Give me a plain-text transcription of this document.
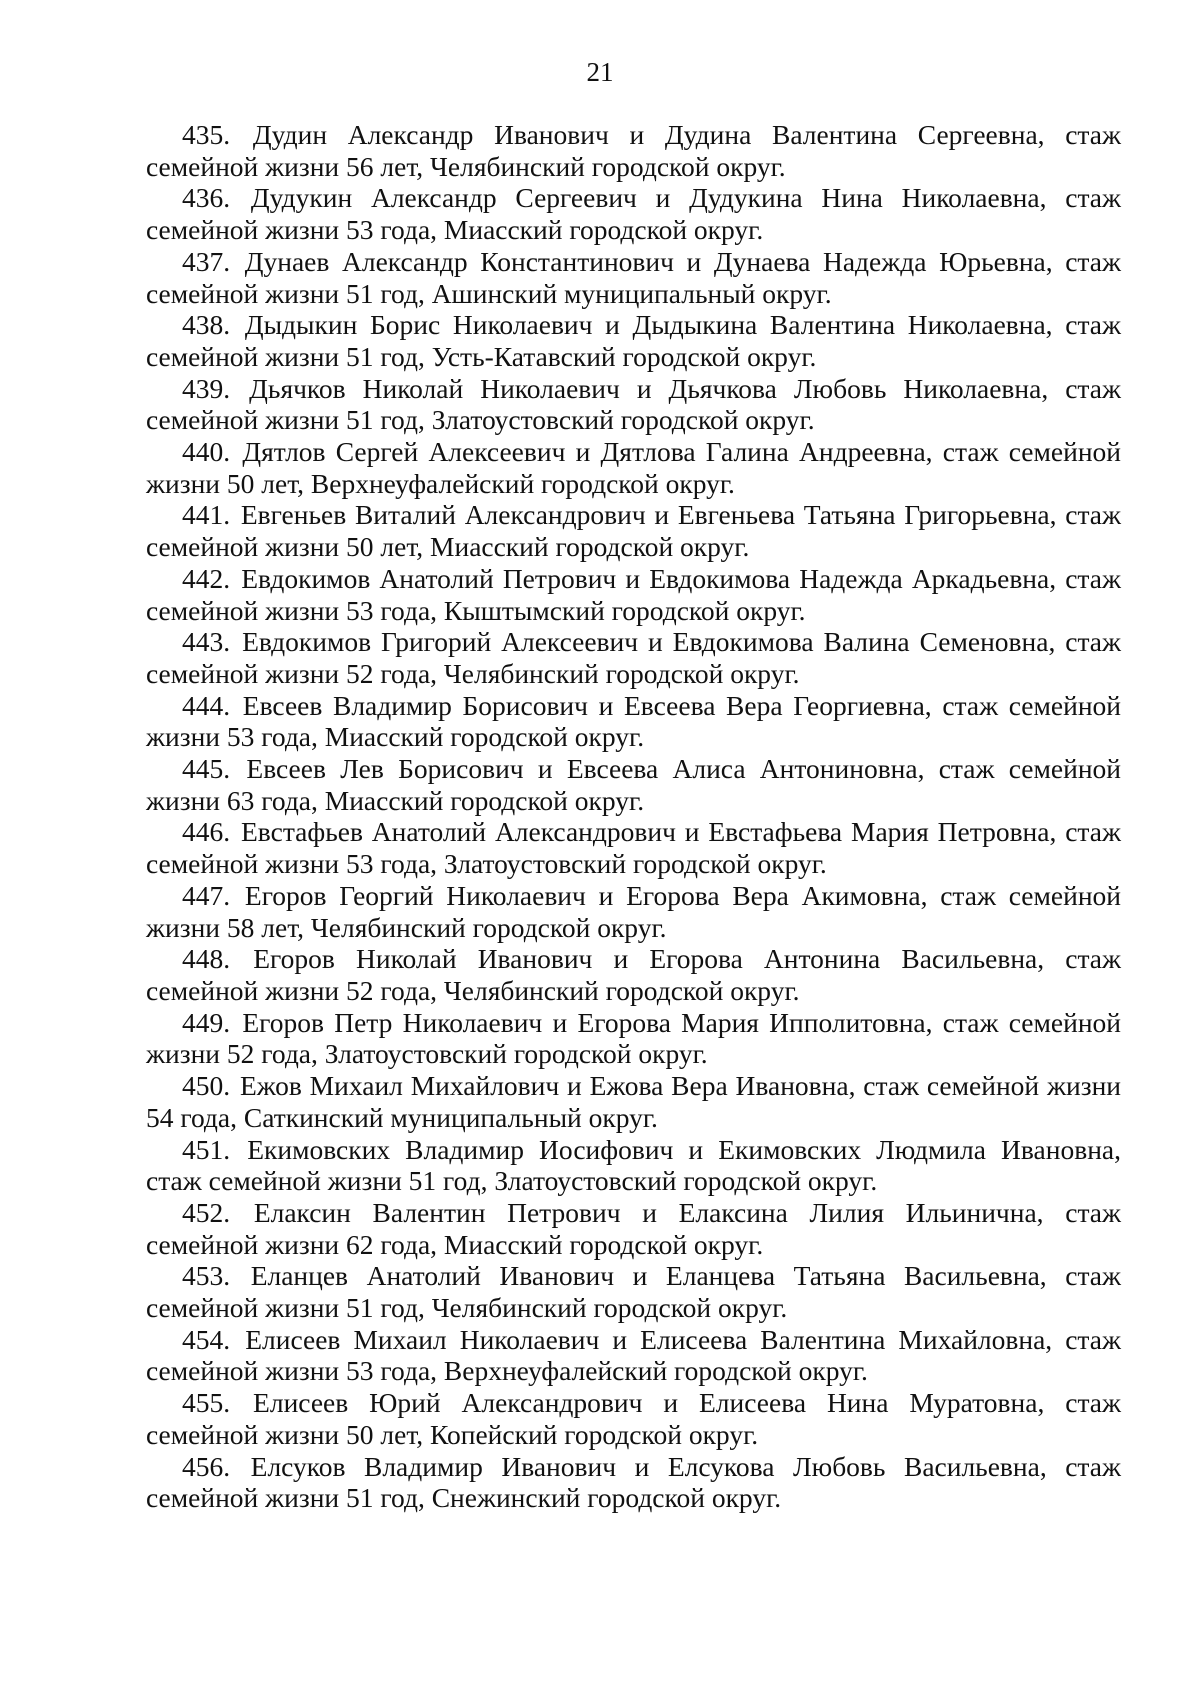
21
435. Дудин Александр Иванович и Дудина Валентина Сергеевна, стаж семейной жизни 56 лет, Челябинский городской округ.
436. Дудукин Александр Сергеевич и Дудукина Нина Николаевна, стаж семейной жизни 53 года, Миасский городской округ.
437. Дунаев Александр Константинович и Дунаева Надежда Юрьевна, стаж семейной жизни 51 год, Ашинский муниципальный округ.
438. Дыдыкин Борис Николаевич и Дыдыкина Валентина Николаевна, стаж семейной жизни 51 год, Усть-Катавский городской округ.
439. Дьячков Николай Николаевич и Дьячкова Любовь Николаевна, стаж семейной жизни 51 год, Златоустовский городской округ.
440. Дятлов Сергей Алексеевич и Дятлова Галина Андреевна, стаж семейной жизни 50 лет, Верхнеуфалейский городской округ.
441. Евгеньев Виталий Александрович и Евгеньева Татьяна Григорьевна, стаж семейной жизни 50 лет, Миасский городской округ.
442. Евдокимов Анатолий Петрович и Евдокимова Надежда Аркадьевна, стаж семейной жизни 53 года, Кыштымский городской округ.
443. Евдокимов Григорий Алексеевич и Евдокимова Валина Семеновна, стаж семейной жизни 52 года, Челябинский городской округ.
444. Евсеев Владимир Борисович и Евсеева Вера Георгиевна, стаж семейной жизни 53 года, Миасский городской округ.
445. Евсеев Лев Борисович и Евсеева Алиса Антониновна, стаж семейной жизни 63 года, Миасский городской округ.
446. Евстафьев Анатолий Александрович и Евстафьева Мария Петровна, стаж семейной жизни 53 года, Златоустовский городской округ.
447. Егоров Георгий Николаевич и Егорова Вера Акимовна, стаж семейной жизни 58 лет, Челябинский городской округ.
448. Егоров Николай Иванович и Егорова Антонина Васильевна, стаж семейной жизни 52 года, Челябинский городской округ.
449. Егоров Петр Николаевич и Егорова Мария Ипполитовна, стаж семейной жизни 52 года, Златоустовский городской округ.
450. Ежов Михаил Михайлович и Ежова Вера Ивановна, стаж семейной жизни 54 года, Саткинский муниципальный округ.
451. Екимовских Владимир Иосифович и Екимовских Людмила Ивановна, стаж семейной жизни 51 год, Златоустовский городской округ.
452. Елаксин Валентин Петрович и Елаксина Лилия Ильинична, стаж семейной жизни 62 года, Миасский городской округ.
453. Еланцев Анатолий Иванович и Еланцева Татьяна Васильевна, стаж семейной жизни 51 год, Челябинский городской округ.
454. Елисеев Михаил Николаевич и Елисеева Валентина Михайловна, стаж семейной жизни 53 года, Верхнеуфалейский городской округ.
455. Елисеев Юрий Александрович и Елисеева Нина Муратовна, стаж семейной жизни 50 лет, Копейский городской округ.
456. Елсуков Владимир Иванович и Елсукова Любовь Васильевна, стаж семейной жизни 51 год, Снежинский городской округ.
